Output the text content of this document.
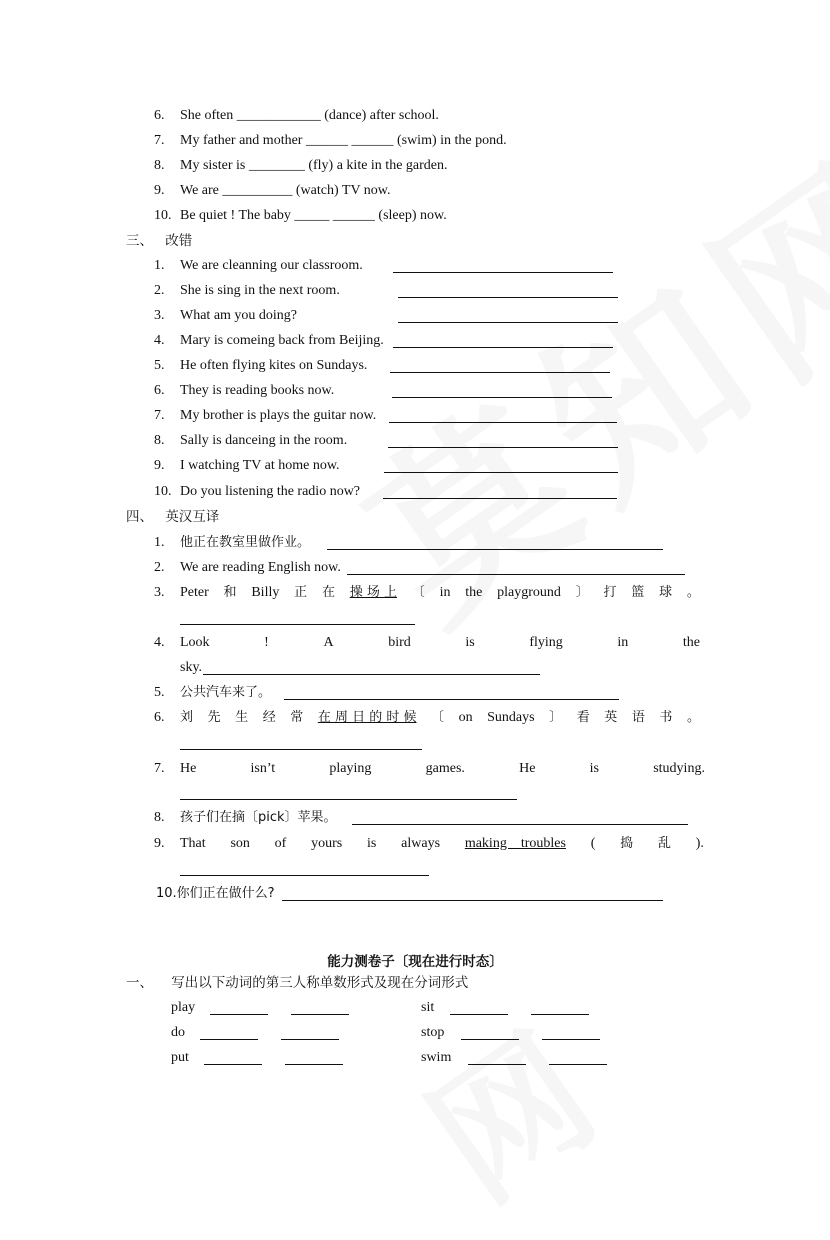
6. She often ____________ (dance) after school.
7. My father and mother ______ ______ (swim) in the pond.
8. My sister is ________ (fly) a kite in the garden.
9. We are __________ (watch) TV now.
10. Be quiet ! The baby _____ ______ (sleep) now.
三、 改错
1. We are cleanning our classroom.
2. She is sing in the next room.
3. What am you doing?
4. Mary is comeing back from Beijing.
5. He often flying kites on Sundays.
6. They is reading books now.
7. My brother is plays the guitar now.
8. Sally is danceing in the room.
9. I watching TV at home now.
10. Do you listening the radio now?
四、 英汉互译
1. 他正在教室里做作业。
2. We are reading English now.
3. Peter 和 Billy 正 在 操 场 上 〔 in the playground 〕 打 篮 球 。
4. Look	!	A	bird	is	flying	in	the
sky.
5. 公共汽车来了。
6. 刘 先 生 经 常 在 周 日 的 时 候 〔 on Sundays 〕 看 英 语 书 。
7. He	isn’t	playing	games.	He	is	studying.
8. 孩子们在摘〔pick〕苹果。
9. That son of yours is always making    troubles ( 捣 乱 ).
10.你们正在做什么?
能力测卷子〔现在进行时态〕
一、 写出以下动词的第三人称单数形式及现在分词形式
play	sit
do	stop
put	swim
